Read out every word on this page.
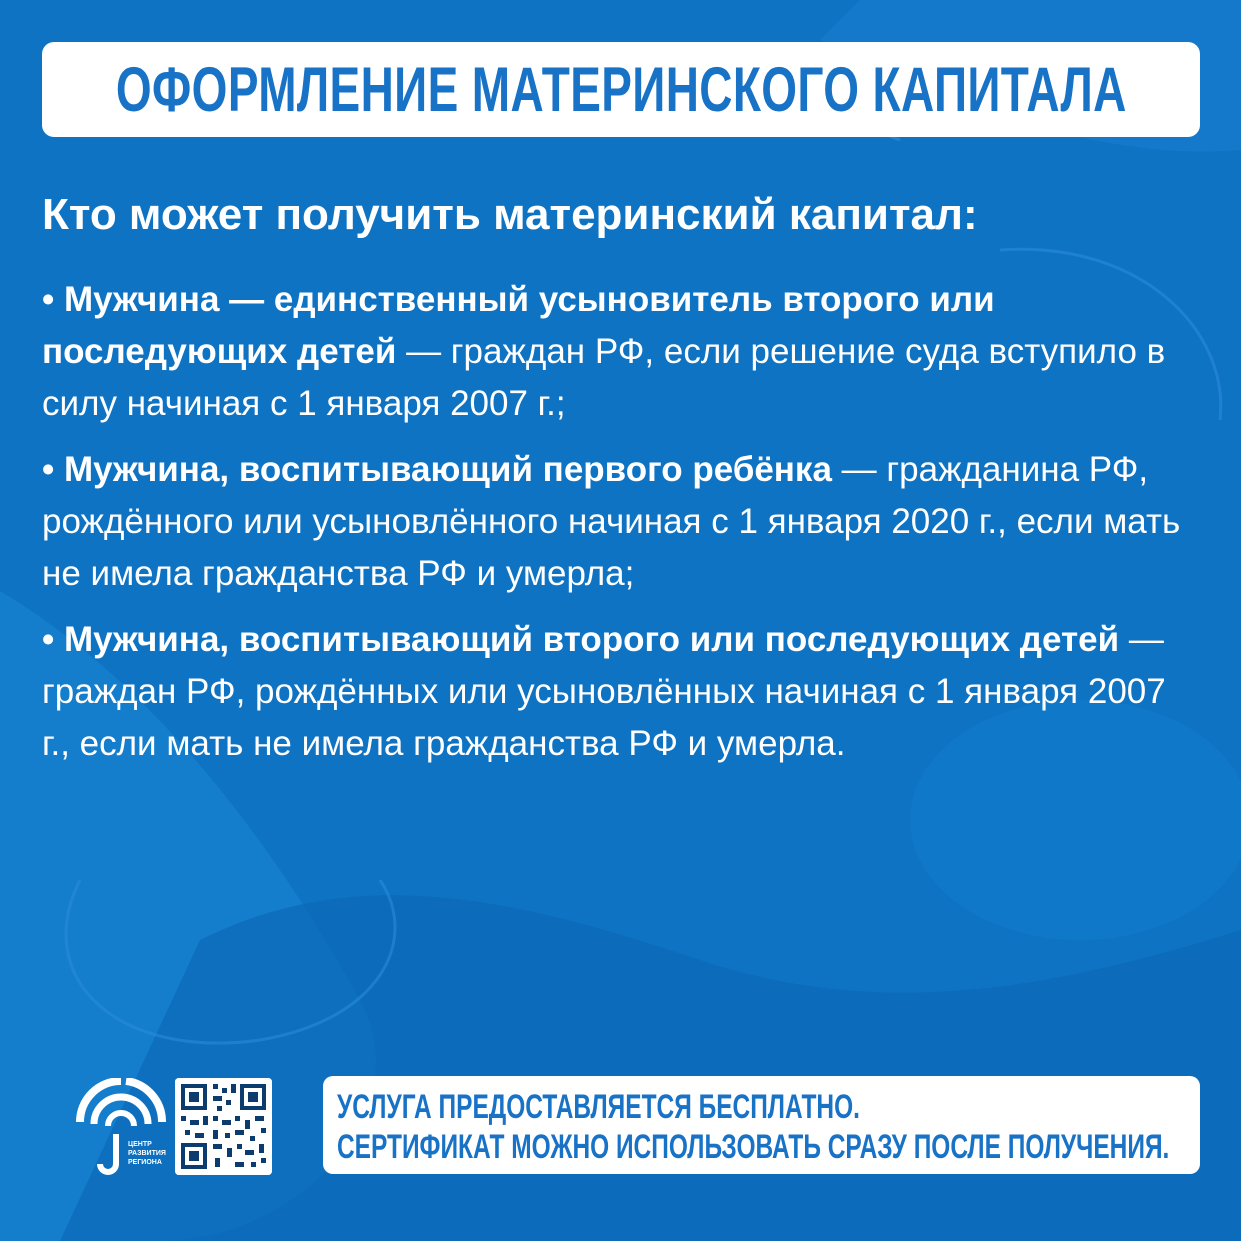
ОФОРМЛЕНИЕ МАТЕРИНСКОГО КАПИТАЛА
Кто может получить материнский капитал:
• Мужчина — единственный усыновитель второго или последующих детей — граждан РФ, если решение суда вступило в силу начиная с 1 января 2007 г.;
• Мужчина, воспитывающий первого ребёнка — гражданина РФ, рождённого или усыновлённого начиная с 1 января 2020 г., если мать не имела гражданства РФ и умерла;
• Мужчина, воспитывающий второго или последующих детей — граждан РФ, рождённых или усыновлённых начиная с 1 января 2007 г., если мать не имела гражданства РФ и умерла.
ЦЕНТР
РАЗВИТИЯ
РЕГИОНА
УСЛУГА ПРЕДОСТАВЛЯЕТСЯ БЕСПЛАТНО.
СЕРТИФИКАТ МОЖНО ИСПОЛЬЗОВАТЬ СРАЗУ ПОСЛЕ ПОЛУЧЕНИЯ.
